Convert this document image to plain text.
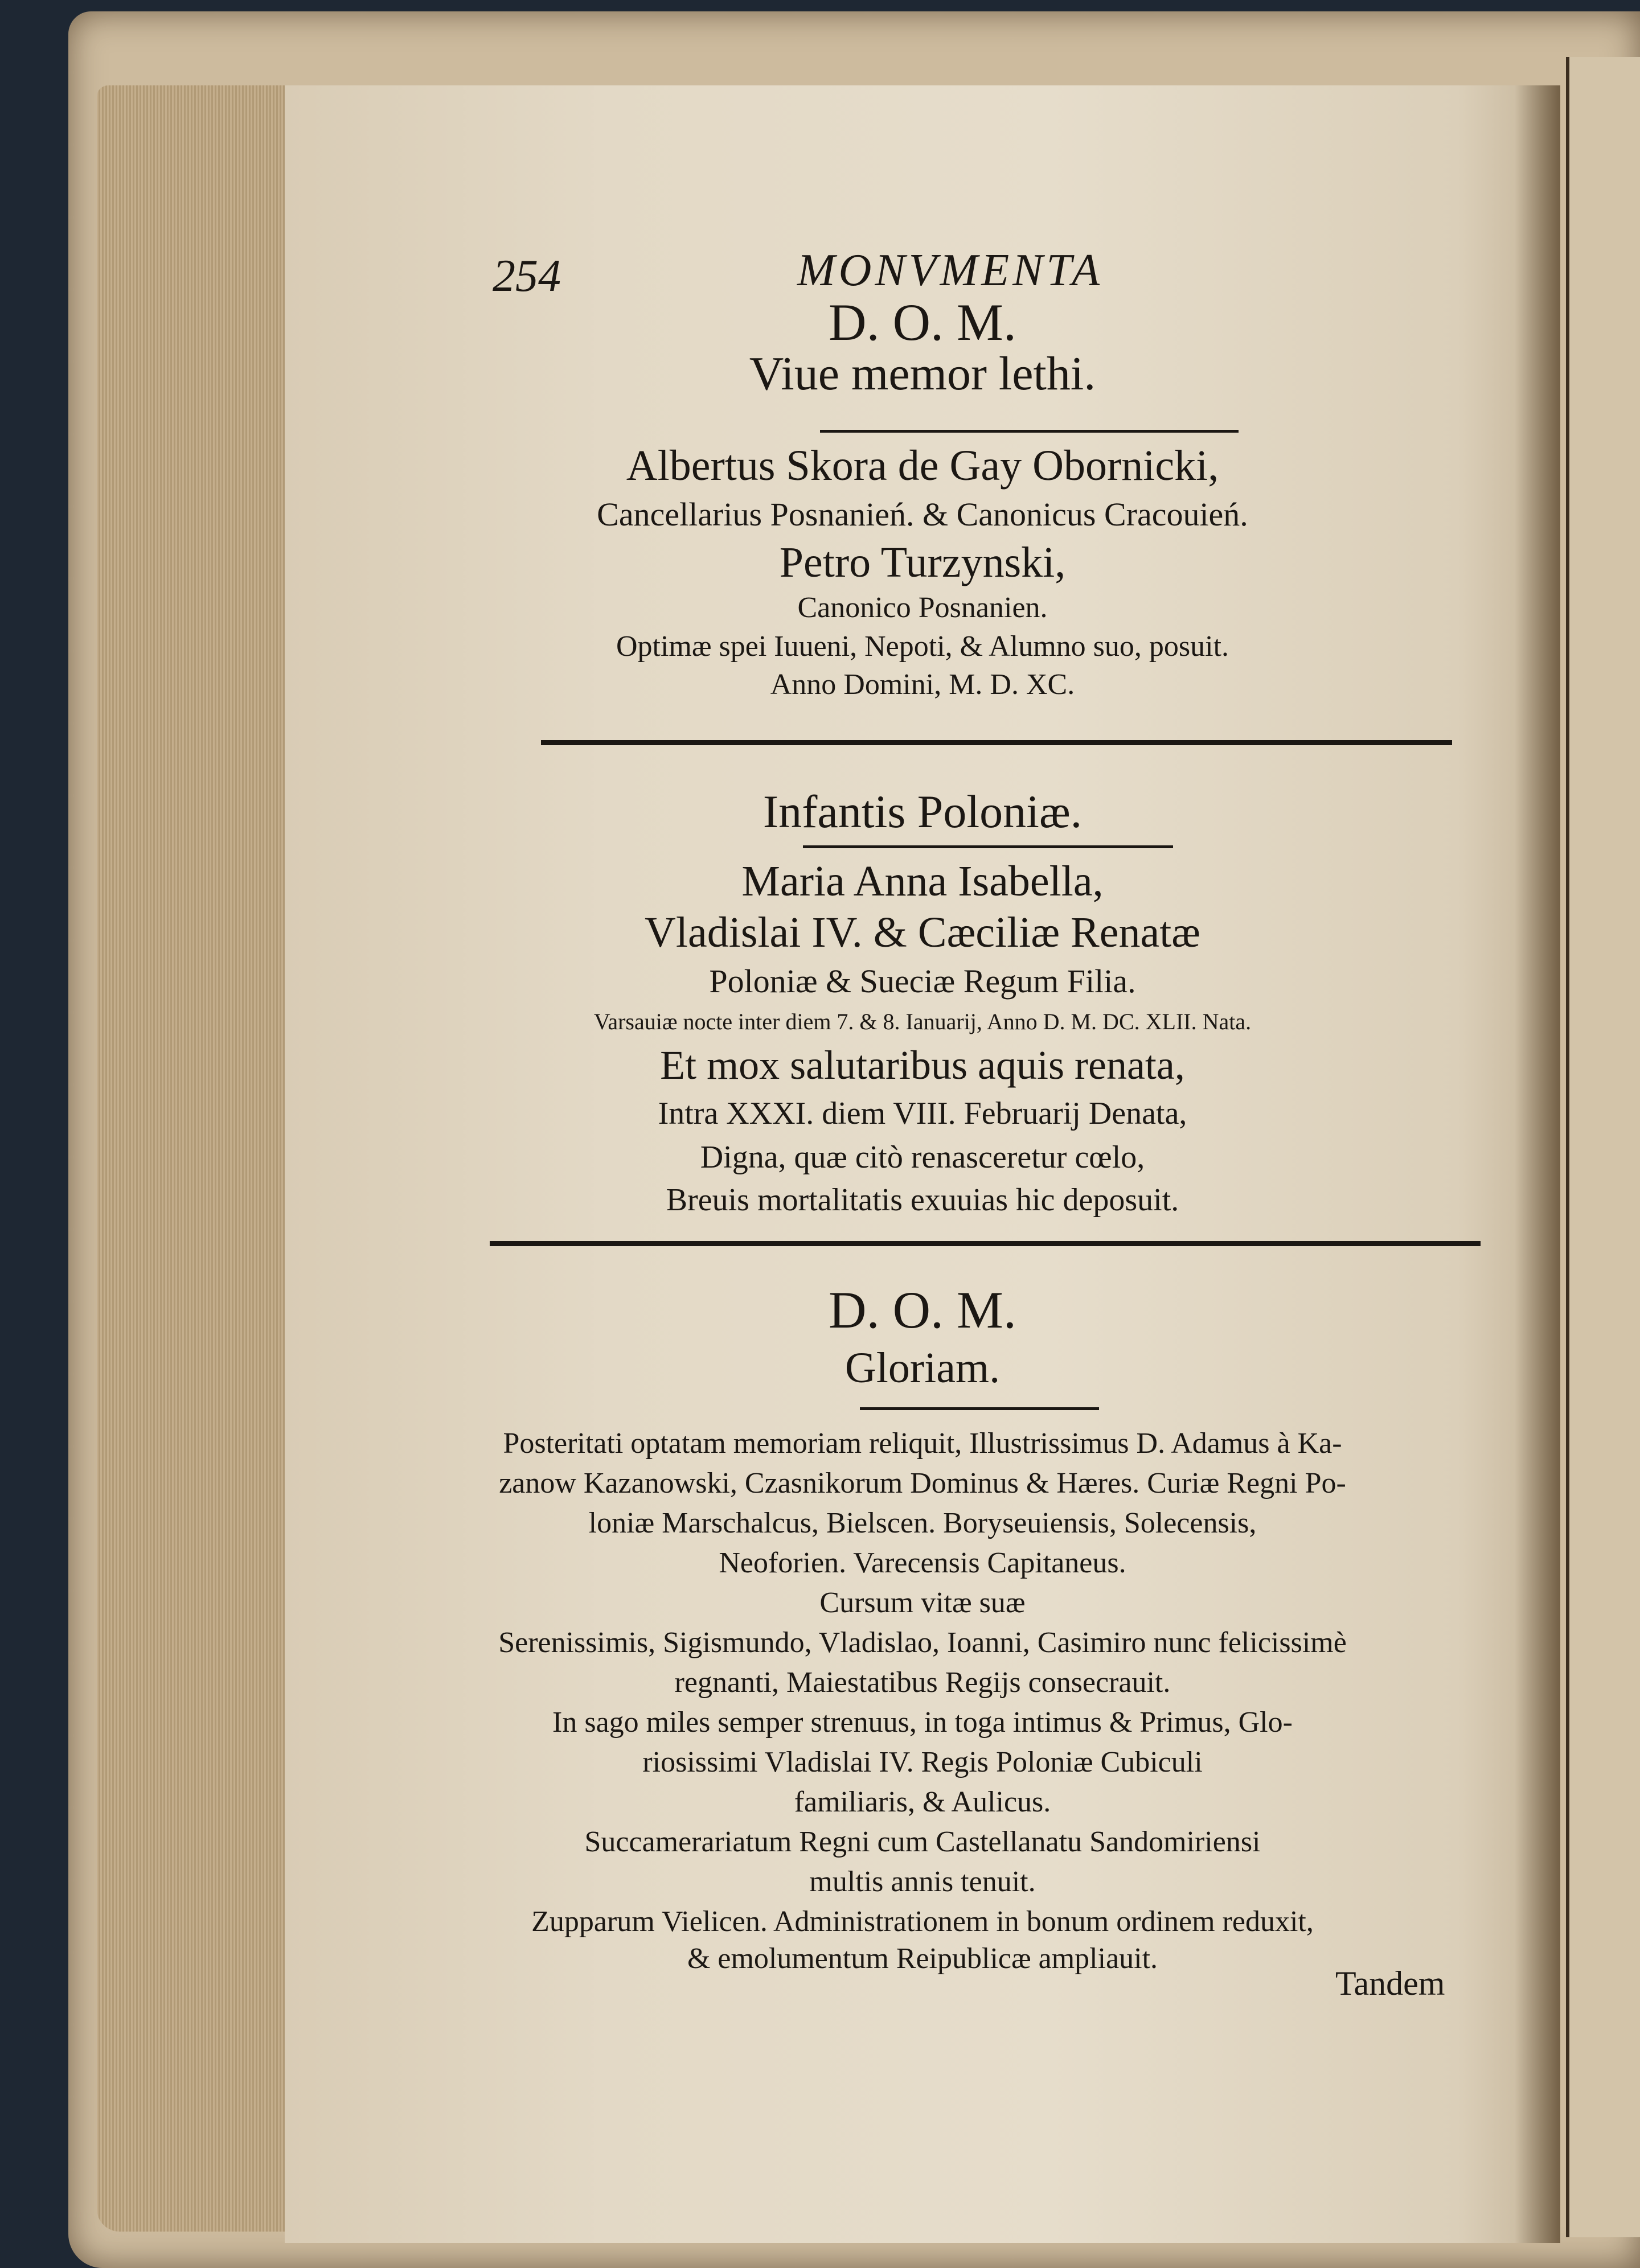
254	MONVMENTA
D. O. M.
Viue memor lethi.
Albertus Skora de Gay Obornicki,
Cancellarius Posnanień. & Canonicus Cracouień.
Petro Turzynski,
Canonico Posnanien.
Optimæ spei Iuueni, Nepoti, & Alumno suo, posuit.
Anno Domini, M. D. XC.
Infantis Poloniæ.
Maria Anna Isabella,
Vladislai IV. & Cæciliæ Renatæ
Poloniæ & Sueciæ Regum Filia.
Varsauiæ nocte inter diem 7. & 8. Ianuarij, Anno D. M. DC. XLII. Nata.
Et mox salutaribus aquis renata,
Intra XXXI. diem VIII. Februarij Denata,
Digna, quæ citò renasceretur cœlo,
Breuis mortalitatis exuuias hic deposuit.
D. O. M.
Gloriam.
Posteritati optatam memoriam reliquit, Illustrissimus D. Adamus à Ka-
zanow Kazanowski, Czasnikorum Dominus & Hæres. Curiæ Regni Po-
loniæ Marschalcus, Bielscen. Boryseuiensis, Solecensis,
Neoforien. Varecensis Capitaneus.
Cursum vitæ suæ
Serenissimis, Sigismundo, Vladislao, Ioanni, Casimiro nunc felicissimè
regnanti, Maiestatibus Regijs consecrauit.
In sago miles semper strenuus, in toga intimus & Primus, Glo-
riosissimi Vladislai IV. Regis Poloniæ Cubiculi
familiaris, & Aulicus.
Succamerariatum Regni cum Castellanatu Sandomiriensi
multis annis tenuit.
Zupparum Vielicen. Administrationem in bonum ordinem reduxit,
& emolumentum Reipublicæ ampliauit.
Tandem
